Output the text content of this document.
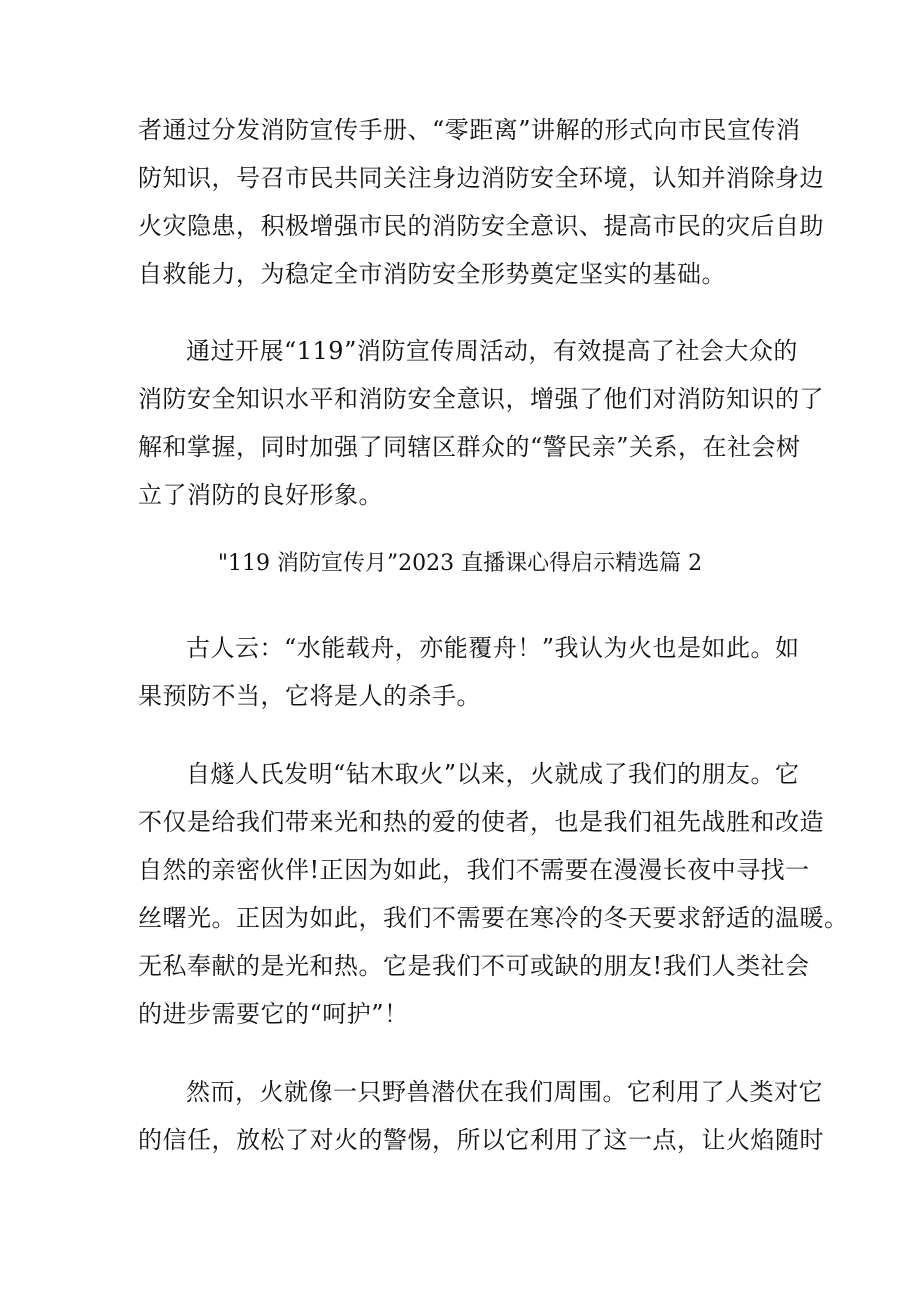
者通过分发消防宣传手册、“零距离”讲解的形式向市民宣传消
防知识，号召市民共同关注身边消防安全环境，认知并消除身边
火灾隐患，积极增强市民的消防安全意识、提高市民的灾后自助
自救能力，为稳定全市消防安全形势奠定坚实的基础。
通过开展“119”消防宣传周活动，有效提高了社会大众的
消防安全知识水平和消防安全意识，增强了他们对消防知识的了
解和掌握，同时加强了同辖区群众的“警民亲”关系，在社会树
立了消防的良好形象。
"119 消防宣传月”2023 直播课心得启示精选篇 2
古人云：“水能载舟，亦能覆舟！”我认为火也是如此。如
果预防不当，它将是人的杀手。
自燧人氏发明“钻木取火”以来，火就成了我们的朋友。它
不仅是给我们带来光和热的爱的使者，也是我们祖先战胜和改造
自然的亲密伙伴!正因为如此，我们不需要在漫漫长夜中寻找一
丝曙光。正因为如此，我们不需要在寒冷的冬天要求舒适的温暖。
无私奉献的是光和热。它是我们不可或缺的朋友!我们人类社会
的进步需要它的“呵护”！
然而，火就像一只野兽潜伏在我们周围。它利用了人类对它
的信任，放松了对火的警惕，所以它利用了这一点，让火焰随时
